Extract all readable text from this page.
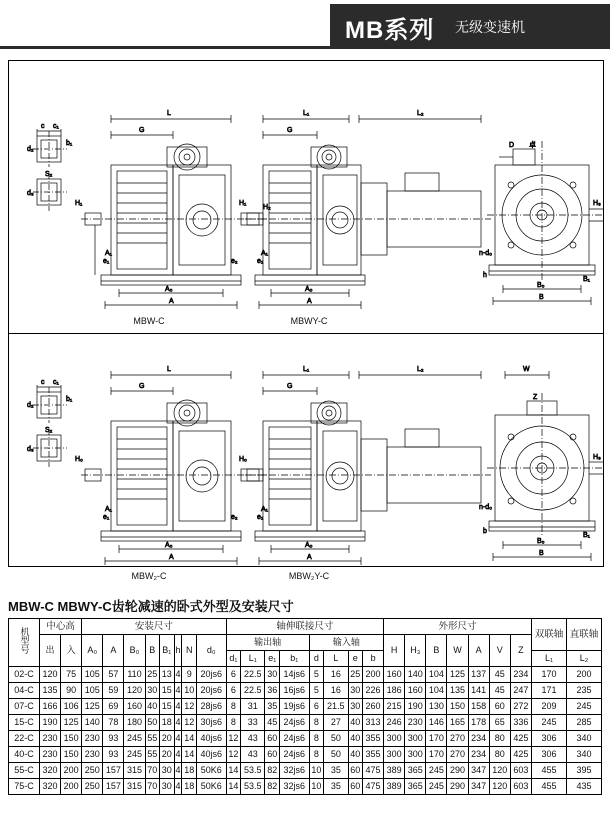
MB系列 无级变速机
c c₁
d₂
d₃
S₂
b₁
L
G
H₁
A₀
A
e₁
A₁
e₂
H₂
L₁	L₂
G
H₁
A₀
A
e₁
A₁
D 卓
n-d₀
H₃
h
B₀
B
B₁
c c₁
d₂
d₃
S₂
b₁
L
G
H₀
A₀
A
e₁
A₁
e₂
L₁	L₂
G
H₀
A₀
A
e₁
A₁
W
Z
n-d₀
H₃
b
B₀
B
B₁
MBW-C	MBWY-C
MBW₂-C	MBW₂Y-C
MBW-C MBWY-C齿轮减速的卧式外型及安装尺寸
机型号	中心高		安装尺寸								轴伸联接尺寸								外形尺寸							双联轴	直联轴
	出	入	A₀	A	B₀	B	B₁	h	N	d₀	输出轴				输入轴				H	H₃	B	W	A	V	Z		
											d₁	L₁	e₁	b₁	d	L	e	b								L₁	L₂
02-C	120	75	105	57	110	25	13	4	9	20js6	6	22.5	30	14js6	5	16	25	200	160	140	104	125	137	45	234	170	200
04-C	135	90	105	59	120	30	15	4	10	20js6	6	22.5	36	16js6	5	16	30	226	186	160	104	135	141	45	247	171	235
07-C	166	106	125	69	160	40	15	4	12	28js6	8	31	35	19js6	6	21.5	30	260	215	190	130	150	158	60	272	209	245
15-C	190	125	140	78	180	50	18	4	12	30js6	8	33	45	24js6	8	27	40	313	246	230	146	165	178	65	336	245	285
22-C	230	150	230	93	245	55	20	4	14	40js6	12	43	60	24js6	8	50	40	355	300	300	170	270	234	80	425	306	340
40-C	230	150	230	93	245	55	20	4	14	40js6	12	43	60	24js6	8	50	40	355	300	300	170	270	234	80	425	306	340
55-C	320	200	250	157	315	70	30	4	18	50K6	14	53.5	82	32js6	10	35	60	475	389	365	245	290	347	120	603	455	395
75-C	320	200	250	157	315	70	30	4	18	50K6	14	53.5	82	32js6	10	35	60	475	389	365	245	290	347	120	603	455	435
